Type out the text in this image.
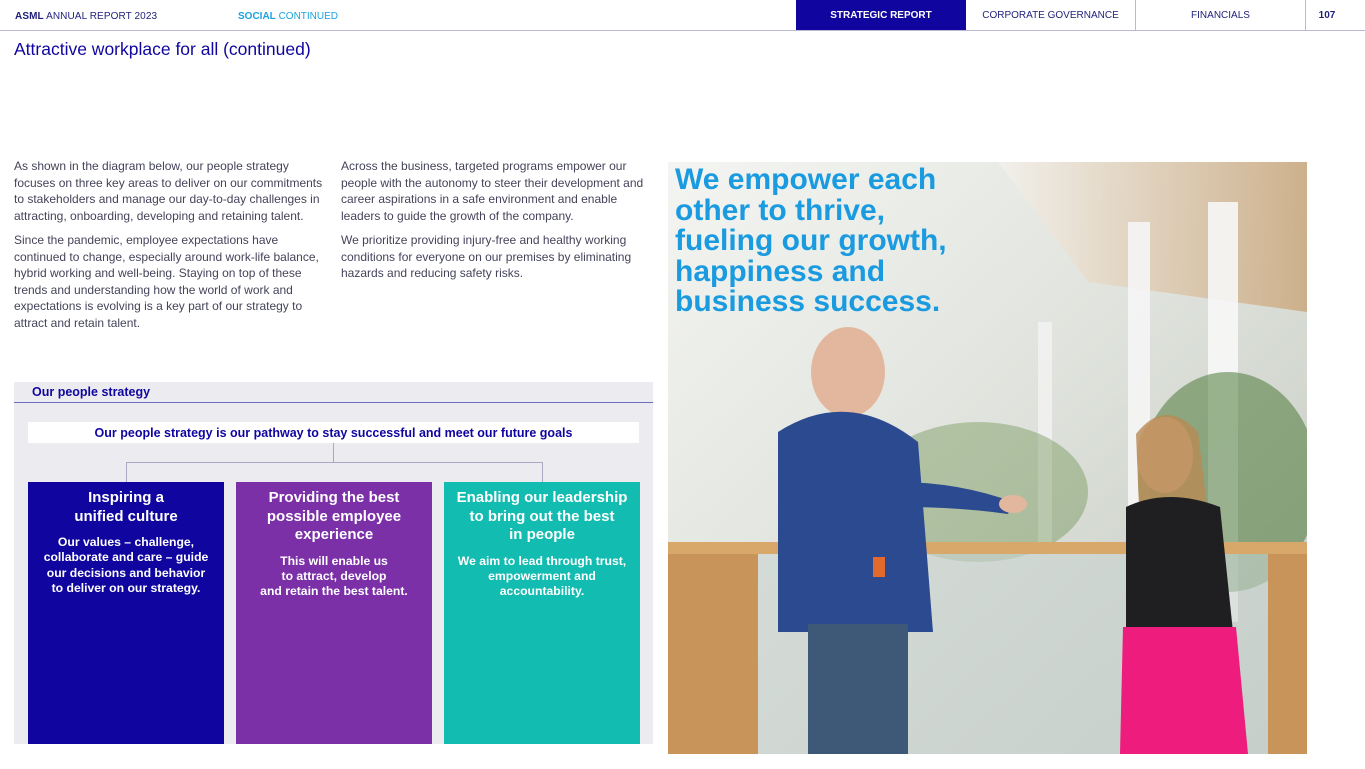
ASML ANNUAL REPORT 2023	SOCIAL CONTINUED	STRATEGIC REPORT	CORPORATE GOVERNANCE	FINANCIALS	107
Attractive workplace for all (continued)

As shown in the diagram below, our people strategy focuses on three key areas to deliver on our commitments to stakeholders and manage our day-to-day challenges in attracting, onboarding, developing and retaining talent.

Since the pandemic, employee expectations have continued to change, especially around work-life balance, hybrid working and well-being. Staying on top of these trends and understanding how the world of work and expectations is evolving is a key part of our strategy to attract and retain talent.

Across the business, targeted programs empower our people with the autonomy to steer their development and career aspirations in a safe environment and enable leaders to guide the growth of the company.

We prioritize providing injury-free and healthy working conditions for everyone on our premises by eliminating hazards and reducing safety risks.

Our people strategy
Our people strategy is our pathway to stay successful and meet our future goals
Inspiring a
unified culture

Our values – challenge,
collaborate and care – guide
our decisions and behavior
to deliver on our strategy.

Providing the best
possible employee
experience

This will enable us
to attract, develop
and retain the best talent.

Enabling our leadership
to bring out the best
in people

We aim to lead through trust,
empowerment and
accountability.

We empower each
other to thrive,
fueling our growth,
happiness and
business success.
